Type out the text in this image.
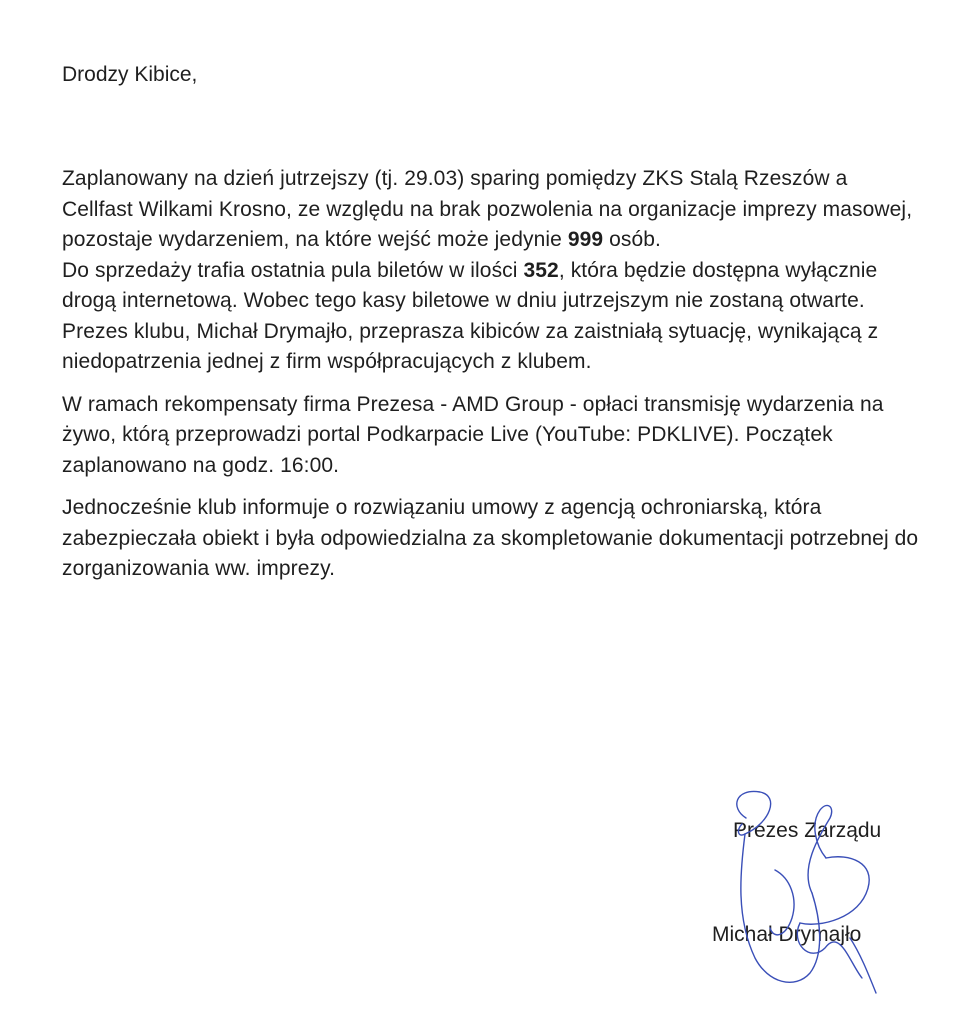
Drodzy Kibice,

Zaplanowany na dzień jutrzejszy (tj. 29.03) sparing pomiędzy ZKS Stalą Rzeszów a Cellfast Wilkami Krosno, ze względu na brak pozwolenia na organizacje imprezy masowej, pozostaje wydarzeniem, na które wejść może jedynie 999 osób.

Do sprzedaży trafia ostatnia pula biletów w ilości 352, która będzie dostępna wyłącznie drogą internetową. Wobec tego kasy biletowe w dniu jutrzejszym nie zostaną otwarte.

Prezes klubu, Michał Drymajło, przeprasza kibiców za zaistniałą sytuację, wynikającą z niedopatrzenia jednej z firm współpracujących z klubem.

W ramach rekompensaty firma Prezesa - AMD Group - opłaci transmisję wydarzenia na żywo, którą przeprowadzi portal Podkarpacie Live (YouTube: PDKLIVE). Początek zaplanowano na godz. 16:00.

Jednocześnie klub informuje o rozwiązaniu umowy z agencją ochroniarską, która zabezpieczała obiekt i była odpowiedzialna za skompletowanie dokumentacji potrzebnej do zorganizowania ww. imprezy.

Prezes Zarządu

Michał Drymajło
